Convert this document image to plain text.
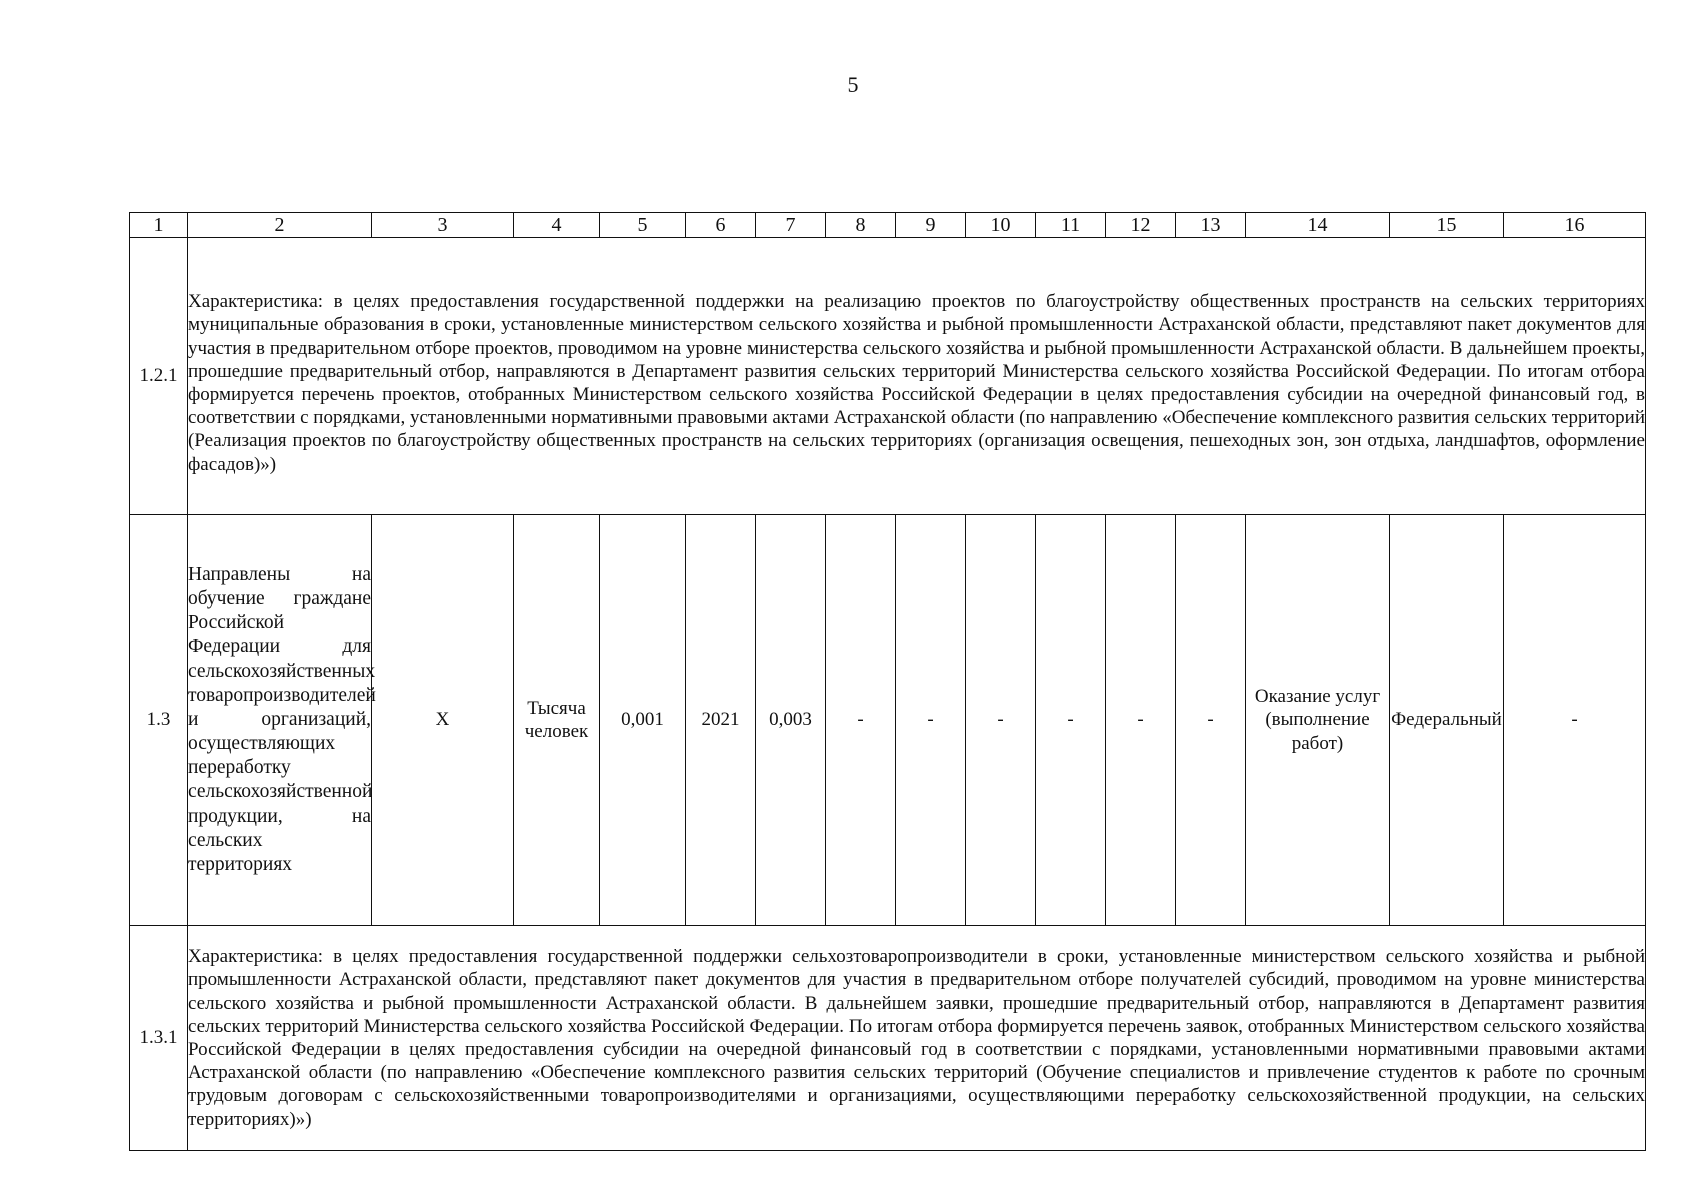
5
1	2	3	4	5	6	7	8	9	10	11	12	13	14	15	16
1.2.1	Характеристика: в целях предоставления государственной поддержки на реализацию проектов по благоустройству общественных пространств на сельских территориях муниципальные образования в сроки, установленные министерством сельского хозяйства и рыбной промышленности Астраханской области, представляют пакет документов для участия в предварительном отборе проектов, проводимом на уровне министерства сельского хозяйства и рыбной промышленности Астраханской области. В дальнейшем проекты, прошедшие предварительный отбор, направляются в Департамент развития сельских территорий Министерства сельского хозяйства Российской Федерации. По итогам отбора формируется перечень проектов, отобранных Министерством сельского хозяйства Российской Федерации в целях предоставления субсидии на очередной финансовый год, в соответствии с порядками, установленными нормативными правовыми актами Астраханской области (по направлению «Обеспечение комплексного развития сельских территорий (Реализация проектов по благоустройству общественных пространств на сельских территориях (организация освещения, пешеходных зон, зон отдыха, ландшафтов, оформление фасадов)»)														
1.3	Направлены на обучение граждане Российской Федерации для сельскохозяйственных товаропроизводителей и организаций, осуществляющих переработку сельскохозяйственной продукции, на сельских территориях	X	Тысяча человек	0,001	2021	0,003	-	-	-	-	-	-	Оказание услуг (выполнение работ)	Федеральный	-
1.3.1	Характеристика: в целях предоставления государственной поддержки сельхозтоваропроизводители в сроки, установленные министерством сельского хозяйства и рыбной промышленности Астраханской области, представляют пакет документов для участия в предварительном отборе получателей субсидий, проводимом на уровне министерства сельского хозяйства и рыбной промышленности Астраханской области. В дальнейшем заявки, прошедшие предварительный отбор, направляются в Департамент развития сельских территорий Министерства сельского хозяйства Российской Федерации. По итогам отбора формируется перечень заявок, отобранных Министерством сельского хозяйства Российской Федерации в целях предоставления субсидии на очередной финансовый год в соответствии с порядками, установленными нормативными правовыми актами Астраханской области (по направлению «Обеспечение комплексного развития сельских территорий (Обучение специалистов и привлечение студентов к работе по срочным трудовым договорам с сельскохозяйственными товаропроизводителями и организациями, осуществляющими переработку сельскохозяйственной продукции, на сельских территориях)»)														
